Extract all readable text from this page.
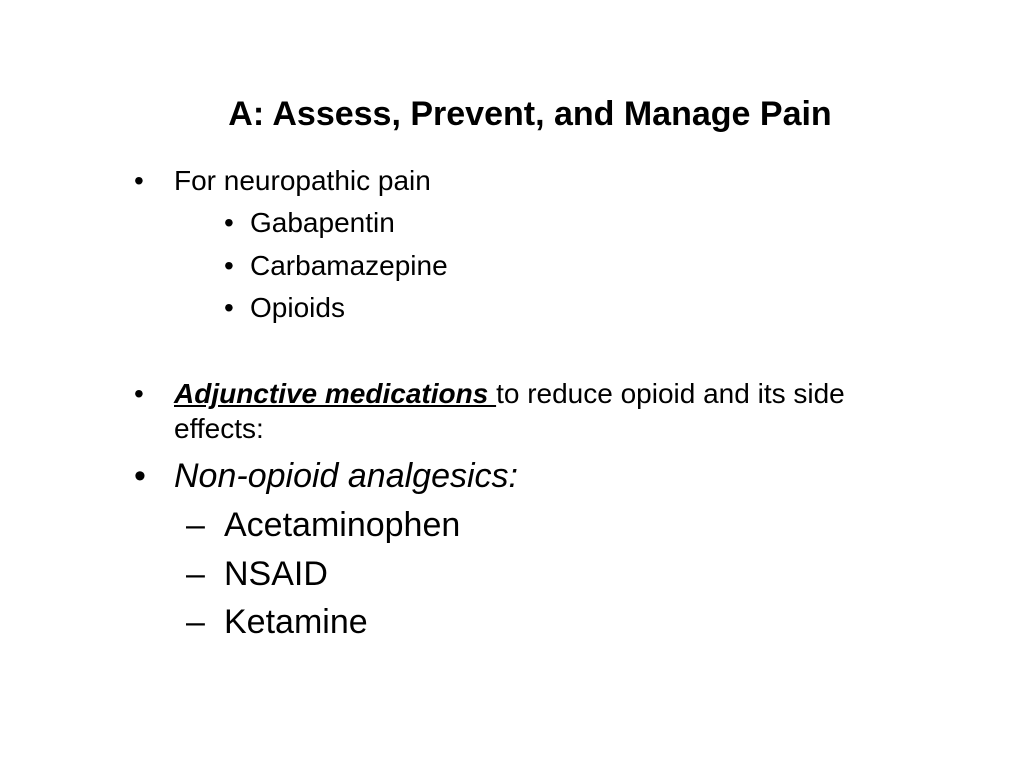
A: Assess, Prevent, and Manage Pain
• For neuropathic pain
• Gabapentin
• Carbamazepine
• Opioids
• Adjunctive medications to reduce opioid and its side
effects:
• Non-opioid analgesics:
– Acetaminophen
– NSAID
– Ketamine
